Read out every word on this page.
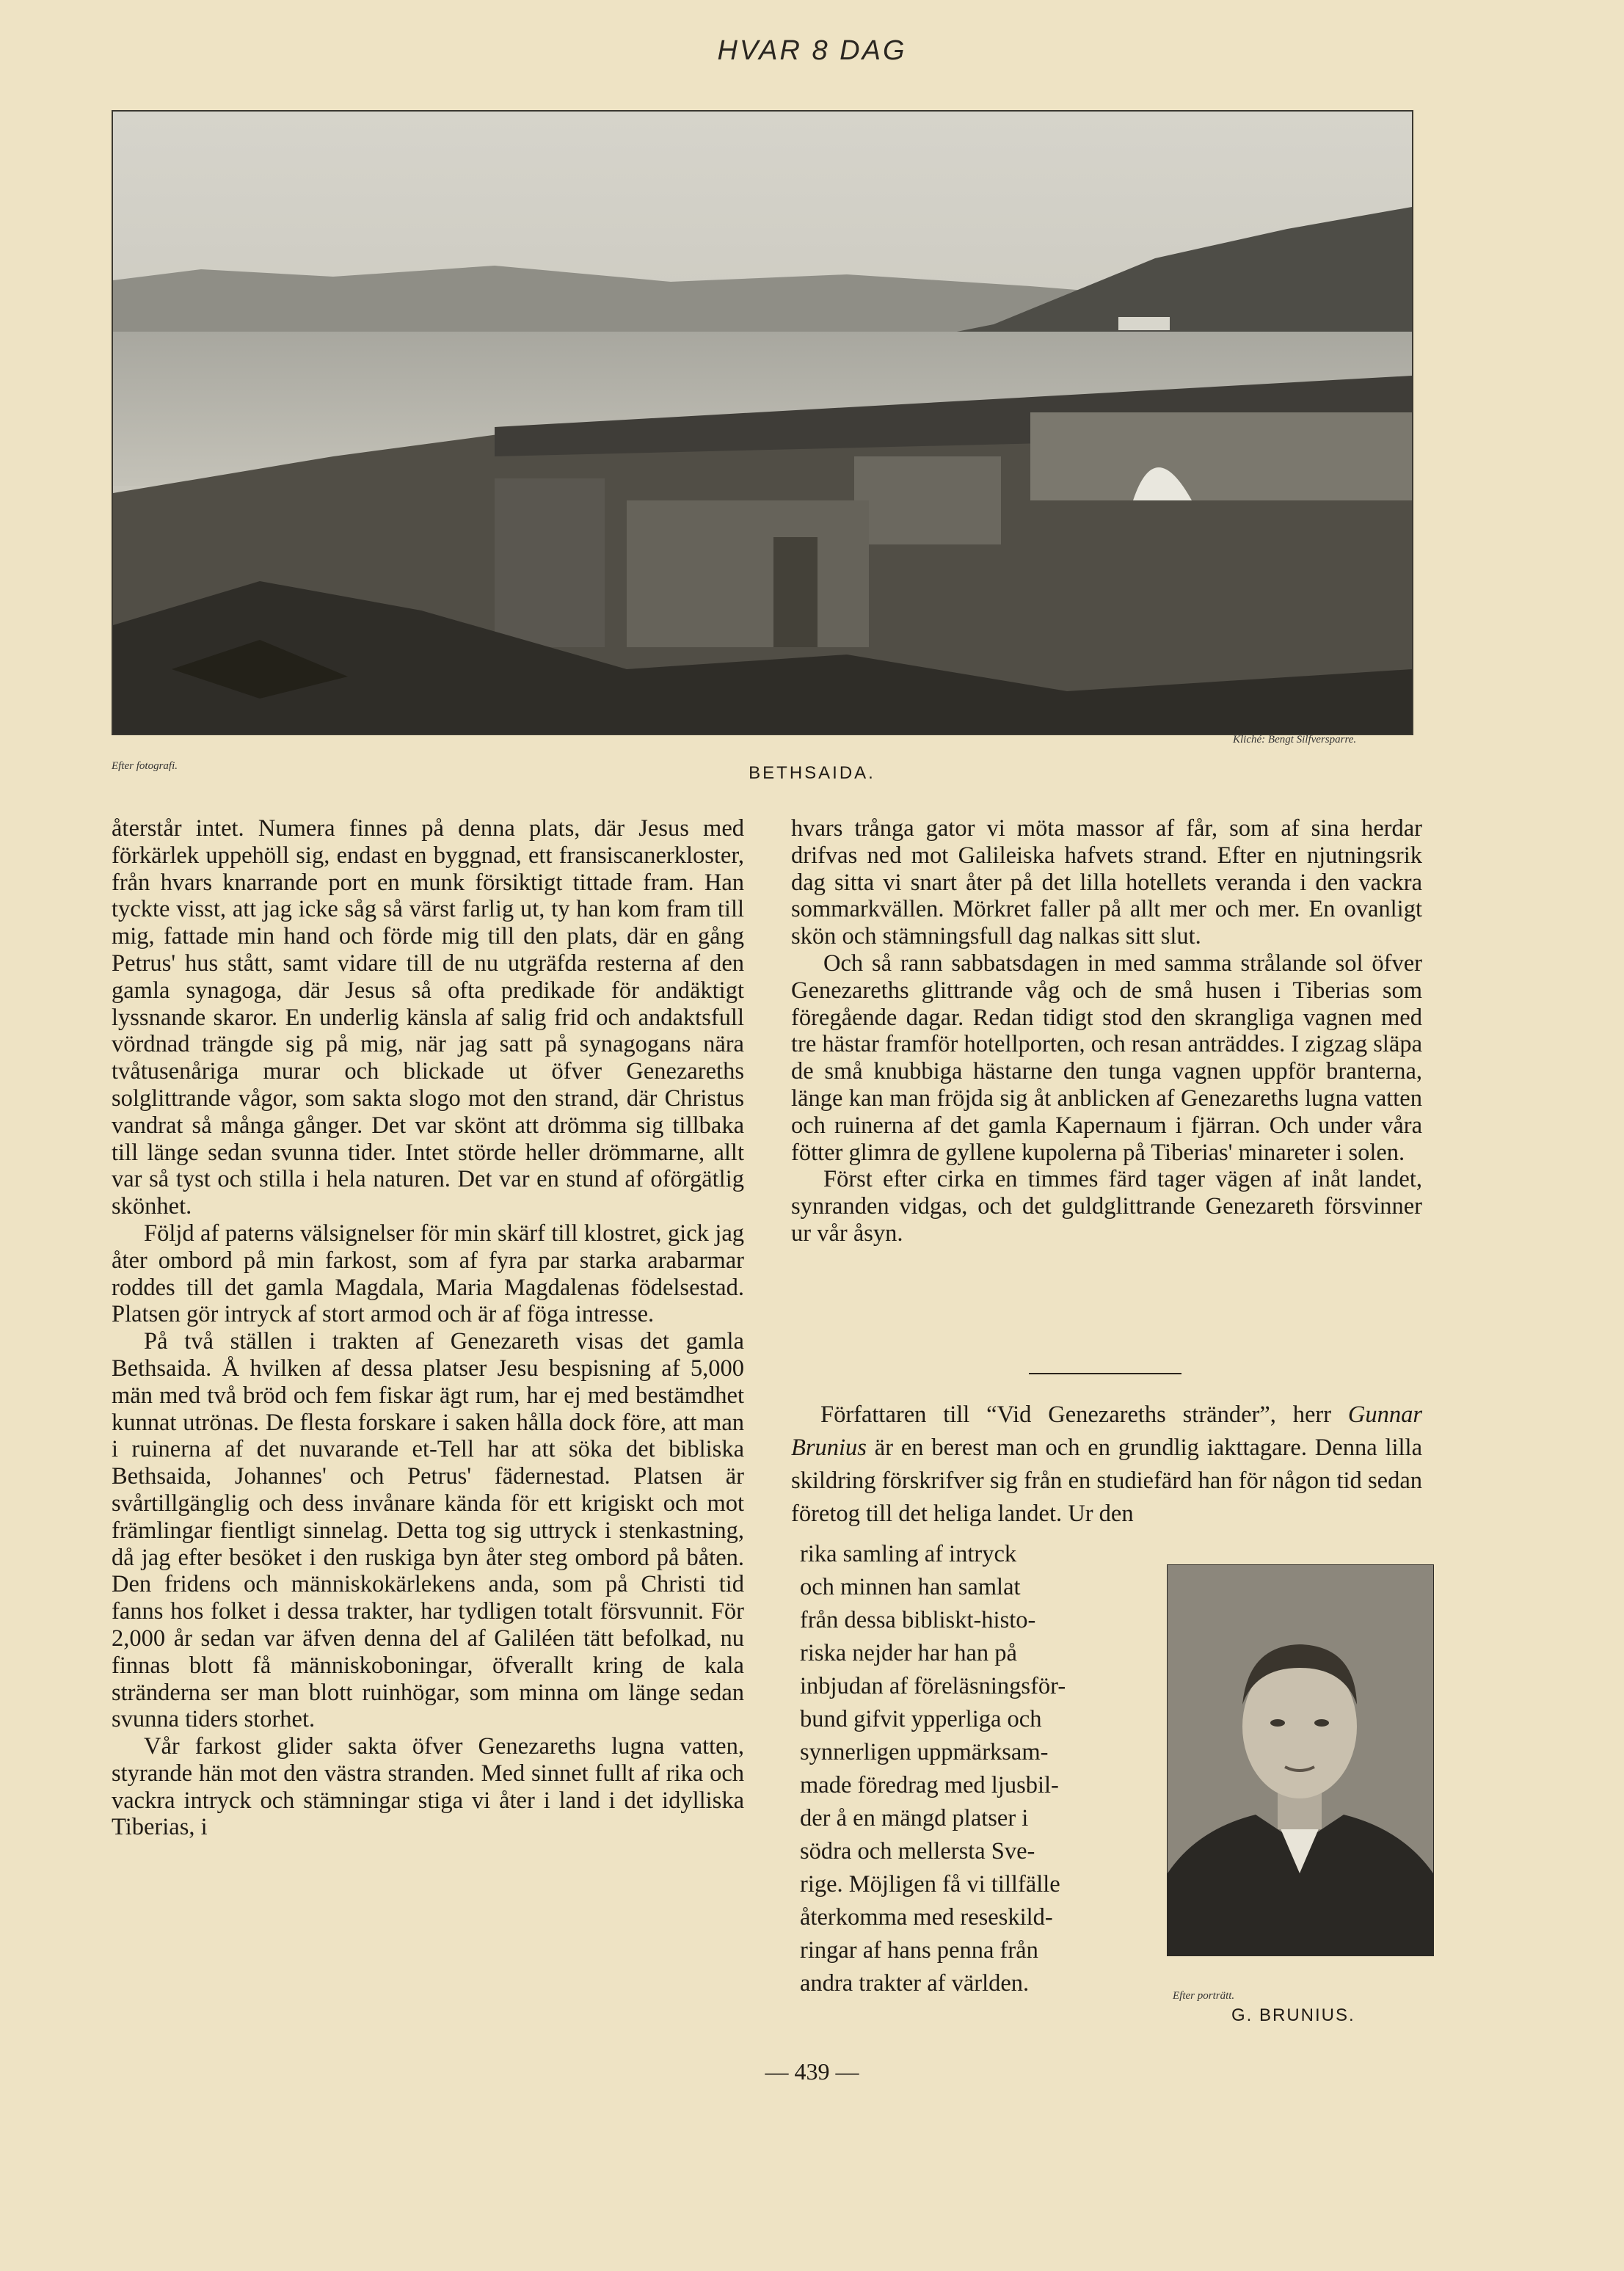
HVAR 8 DAG
Efter fotografi.
Kliché: Bengt Silfversparre.
BETHSAIDA.

återstår intet. Numera finnes på denna plats, där Jesus med förkärlek uppehöll sig, endast en byggnad, ett fransiscanerkloster, från hvars knarrande port en munk försiktigt tittade fram. Han tyckte visst, att jag icke såg så värst farlig ut, ty han kom fram till mig, fattade min hand och förde mig till den plats, där en gång Petrus' hus stått, samt vidare till de nu utgräfda resterna af den gamla synagoga, där Jesus så ofta predikade för andäktigt lyssnande skaror. En underlig känsla af salig frid och andaktsfull vördnad trängde sig på mig, när jag satt på synagogans nära tvåtusenåriga murar och blickade ut öfver Genezareths solglittrande vågor, som sakta slogo mot den strand, där Christus vandrat så många gånger. Det var skönt att drömma sig tillbaka till länge sedan svunna tider. Intet störde heller drömmarne, allt var så tyst och stilla i hela naturen. Det var en stund af oförgätlig skönhet.

Följd af paterns välsignelser för min skärf till klostret, gick jag åter ombord på min farkost, som af fyra par starka arabarmar roddes till det gamla Magdala, Maria Magdalenas födelsestad. Platsen gör intryck af stort armod och är af föga intresse.

På två ställen i trakten af Genezareth visas det gamla Bethsaida. Å hvilken af dessa platser Jesu bespisning af 5,000 män med två bröd och fem fiskar ägt rum, har ej med bestämdhet kunnat utrönas. De flesta forskare i saken hålla dock före, att man i ruinerna af det nuvarande et-Tell har att söka det bibliska Bethsaida, Johannes' och Petrus' fädernestad. Platsen är svårtillgänglig och dess invånare kända för ett krigiskt och mot främlingar fientligt sinnelag. Detta tog sig uttryck i stenkastning, då jag efter besöket i den ruskiga byn åter steg ombord på båten. Den fridens och människokärlekens anda, som på Christi tid fanns hos folket i dessa trakter, har tydligen totalt försvunnit. För 2,000 år sedan var äfven denna del af Galiléen tätt befolkad, nu finnas blott få människoboningar, öfverallt kring de kala stränderna ser man blott ruinhögar, som minna om länge sedan svunna tiders storhet.

Vår farkost glider sakta öfver Genezareths lugna vatten, styrande hän mot den västra stranden. Med sinnet fullt af rika och vackra intryck och stämningar stiga vi åter i land i det idylliska Tiberias, i

hvars trånga gator vi möta massor af får, som af sina herdar drifvas ned mot Galileiska hafvets strand. Efter en njutningsrik dag sitta vi snart åter på det lilla hotellets veranda i den vackra sommarkvällen. Mörkret faller på allt mer och mer. En ovanligt skön och stämningsfull dag nalkas sitt slut.

Och så rann sabbatsdagen in med samma strålande sol öfver Genezareths glittrande våg och de små husen i Tiberias som föregående dagar. Redan tidigt stod den skrangliga vagnen med tre hästar framför hotellporten, och resan anträddes. I zigzag släpa de små knubbiga hästarne den tunga vagnen uppför branterna, länge kan man fröjda sig åt anblicken af Genezareths lugna vatten och ruinerna af det gamla Kapernaum i fjärran. Och under våra fötter glimra de gyllene kupolerna på Tiberias' minareter i solen.

Först efter cirka en timmes färd tager vägen af inåt landet, synranden vidgas, och det guldglittrande Genezareth försvinner ur vår åsyn.

Författaren till “Vid Genezareths stränder”, herr Gunnar Brunius är en berest man och en grundlig iakttagare. Denna lilla skildring förskrifver sig från en studiefärd han för någon tid sedan företog till det heliga landet. Ur den

rika samling af intryck
och minnen han samlat
från dessa bibliskt-histo-
riska nejder har han på
inbjudan af föreläsningsför-
bund gifvit ypperliga och
synnerligen uppmärksam-
made föredrag med ljusbil-
der å en mängd platser i
södra och mellersta Sve-
rige. Möjligen få vi tillfälle
återkomma med reseskild-
ringar af hans penna från
andra trakter af världen.	Efter porträtt.
G. BRUNIUS.
— 439 —
